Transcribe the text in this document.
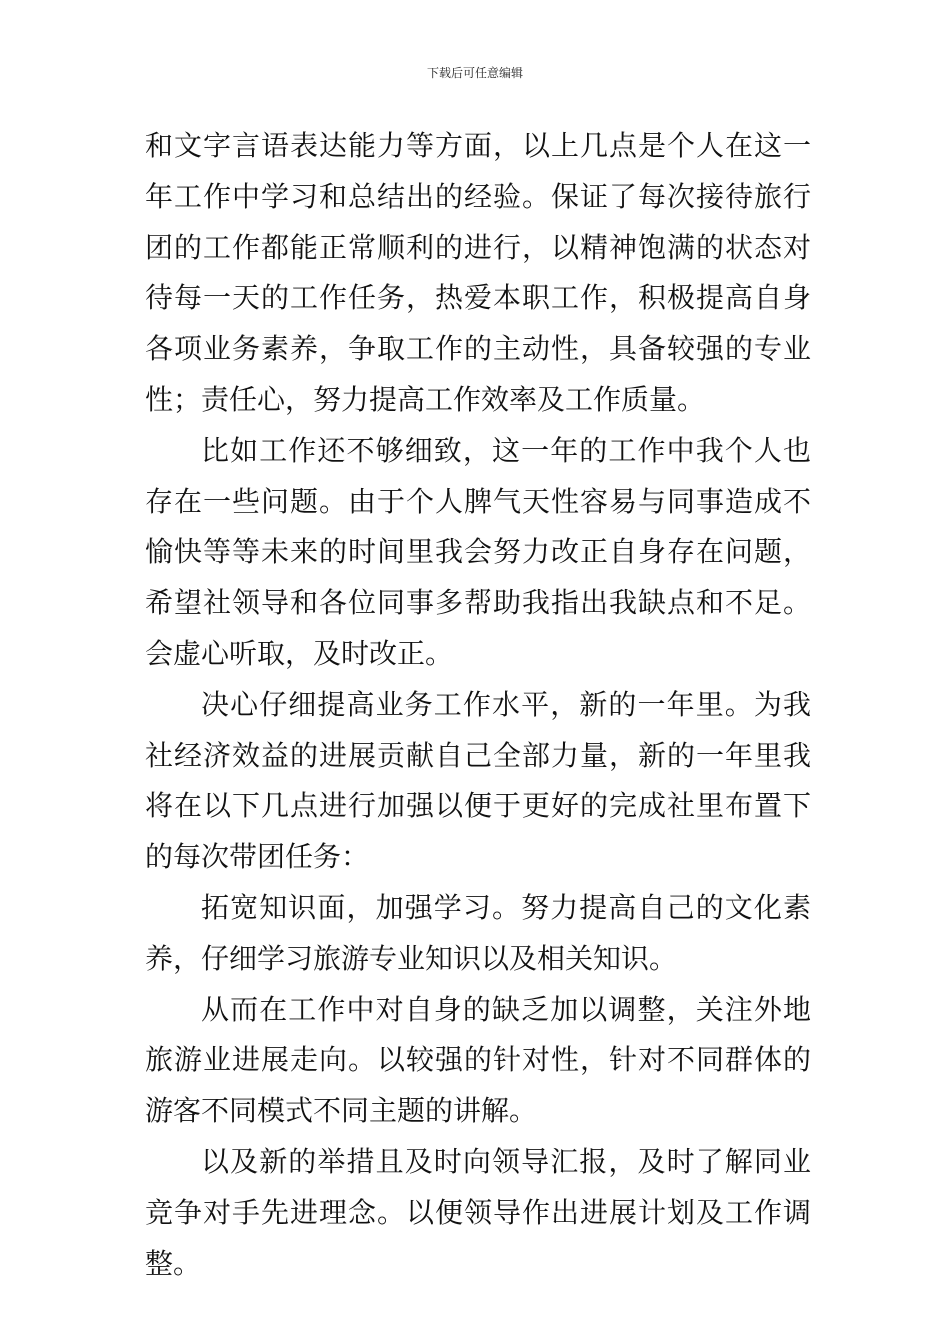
下载后可任意编辑

和文字言语表达能力等方面，以上几点是个人在这一年工作中学习和总结出的经验。保证了每次接待旅行团的工作都能正常顺利的进行，以精神饱满的状态对待每一天的工作任务，热爱本职工作，积极提高自身各项业务素养，争取工作的主动性，具备较强的专业性；责任心，努力提高工作效率及工作质量。

比如工作还不够细致，这一年的工作中我个人也存在一些问题。由于个人脾气天性容易与同事造成不愉快等等未来的时间里我会努力改正自身存在问题，希望社领导和各位同事多帮助我指出我缺点和不足。会虚心听取，及时改正。

决心仔细提高业务工作水平，新的一年里。为我社经济效益的进展贡献自己全部力量，新的一年里我将在以下几点进行加强以便于更好的完成社里布置下的每次带团任务：

拓宽知识面，加强学习。努力提高自己的文化素养，仔细学习旅游专业知识以及相关知识。

从而在工作中对自身的缺乏加以调整，关注外地旅游业进展走向。以较强的针对性，针对不同群体的游客不同模式不同主题的讲解。

以及新的举措且及时向领导汇报，及时了解同业竞争对手先进理念。以便领导作出进展计划及工作调整。
